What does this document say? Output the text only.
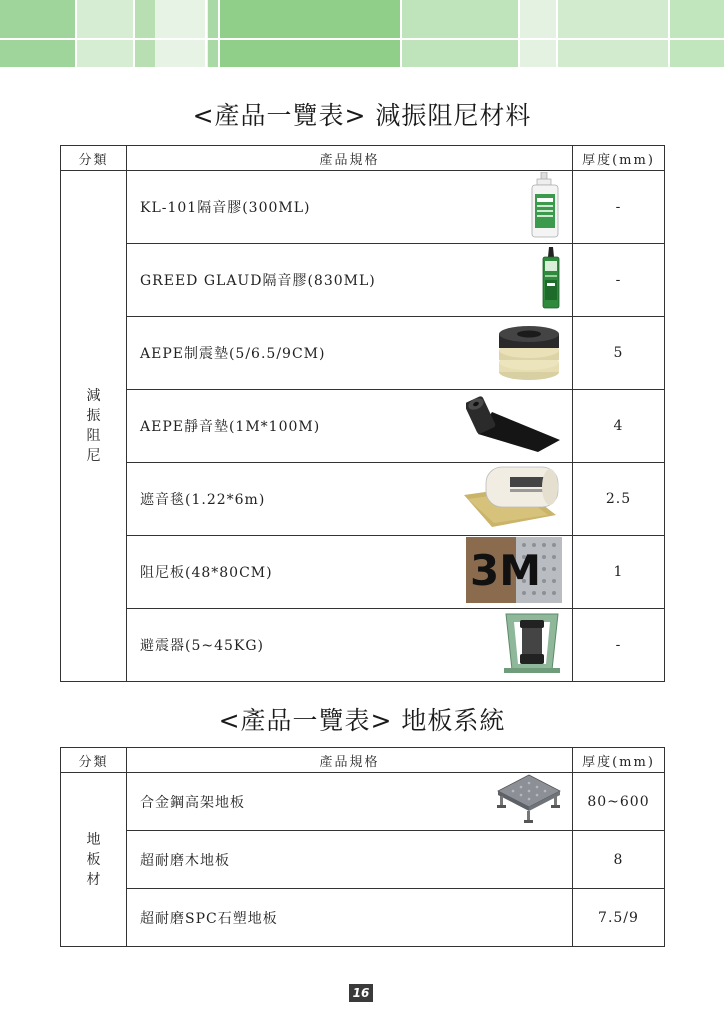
<產品一覽表> 減振阻尼材料
分類	產品規格	厚度(mm)

減
振
阻
尼	KL-101隔音膠(300ML)	-

	GREED GLAUD隔音膠(830ML)	-

	AEPE制震墊(5/6.5/9CM)	5

	AEPE靜音墊(1M*100M)	4

	遮音毯(1.22*6m)	2.5

	阻尼板(48*80CM) 3M	1

	避震器(5~45KG)	-
<產品一覽表> 地板系統
分類	產品規格	厚度(mm)

地
板
材	合金鋼高架地板	80~600

	超耐磨木地板	8

	超耐磨SPC石塑地板	7.5/9
16
